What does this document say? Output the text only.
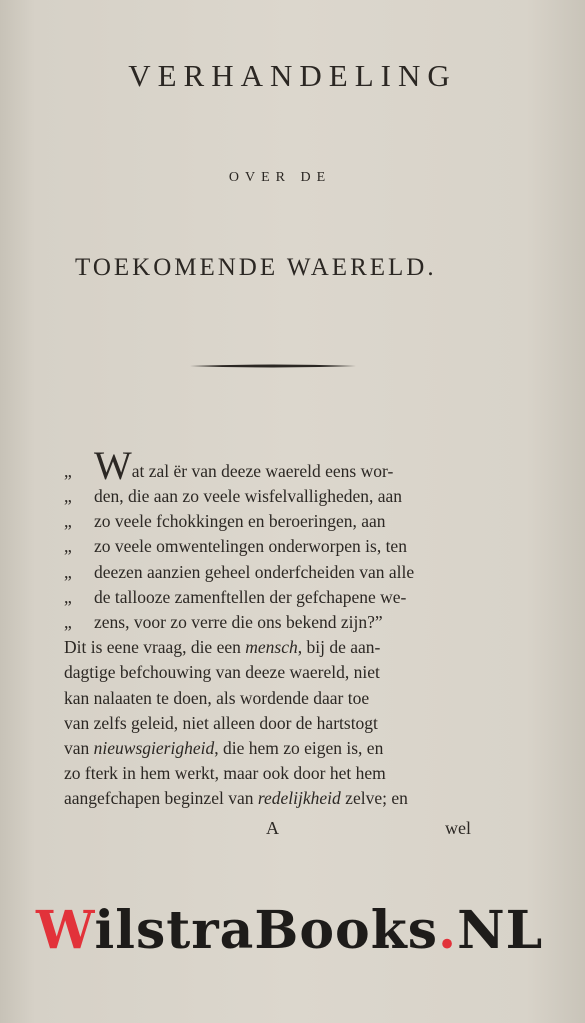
VERHANDELING
OVER DE
TOEKOMENDE WAERELD.
„ Wat zal ër van deeze waereld eens wor-
„ den, die aan zo veele wisfelvalligheden, aan
„ zo veele fchokkingen en beroeringen, aan
„ zo veele omwentelingen onderworpen is, ten
„ deezen aanzien geheel onderfcheiden van alle
„ de tallooze zamenftellen der gefchapene we-
„ zens, voor zo verre die ons bekend zijn?”
Dit is eene vraag, die een mensch, bij de aan-
dagtige befchouwing van deeze waereld, niet
kan nalaaten te doen, als wordende daar toe
van zelfs geleid, niet alleen door de hartstogt
van nieuwsgierigheid, die hem zo eigen is, en
zo fterk in hem werkt, maar ook door het hem
aangefchapen beginzel van redelijkheid zelve; en
A	wel
WilstraBooks.NL
